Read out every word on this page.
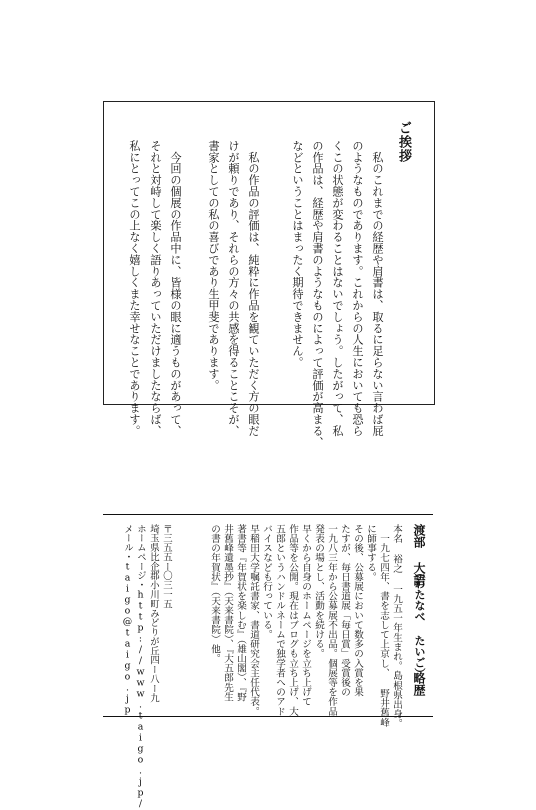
ご挨拶
　私のこれまでの経歴や肩書は、取るに足らない言わば屁
のようなものであります。これからの人生においても恐ら
くこの状態が変わることはないでしょう。したがって、私
の作品は、経歴や肩書のようなものによって評価が高まる、
などということはまったく期待できません。
　私の作品の評価は、純粋に作品を観ていただく方の眼だ
けが頼りであり、それらの方々の共感を得ることこそが、
書家としての私の喜びであり生甲斐であります。
　今回の個展の作品中に、皆様の眼に適うものがあって、
それと対峙して楽しく語りあっていただけましたならば、
私にとってこの上なく嬉しくまた幸せなことであります。
渡部 大語
（わたなべ たいご）
略歴
本名 裕之 一九五一年生まれ。島根県出身。
　一九七四年、書を志して上京し、 野井舊峰
に師事する。
その後、公募展において数多の入賞を果
たすが、毎日書道展「毎日賞」受賞後の
一九八三年から公募展不出品。個展等を作品
発表の場とし、活動を続ける。
早くから自身のホームページを立ち上げて
作品等を公開。現在はブログも立ち上げ、大
五郎というハンドルネームで独学者へのアド
バイスなども行っている。
早稲田大学嘱託書家、書道研究会主任代表。
著書等『年賀状を楽しむ』（雄山閣）、『野
井舊峰遺墨抄』（天来書院）、『大五郎先生
の書の年賀状』（天来書院）他。
〒三五五ー〇三一五
埼玉県比企郡小川町みどりが丘四ー八ー九
ホームページ・http://www.taigo.jp/
メール・taigo@taigo.jp
